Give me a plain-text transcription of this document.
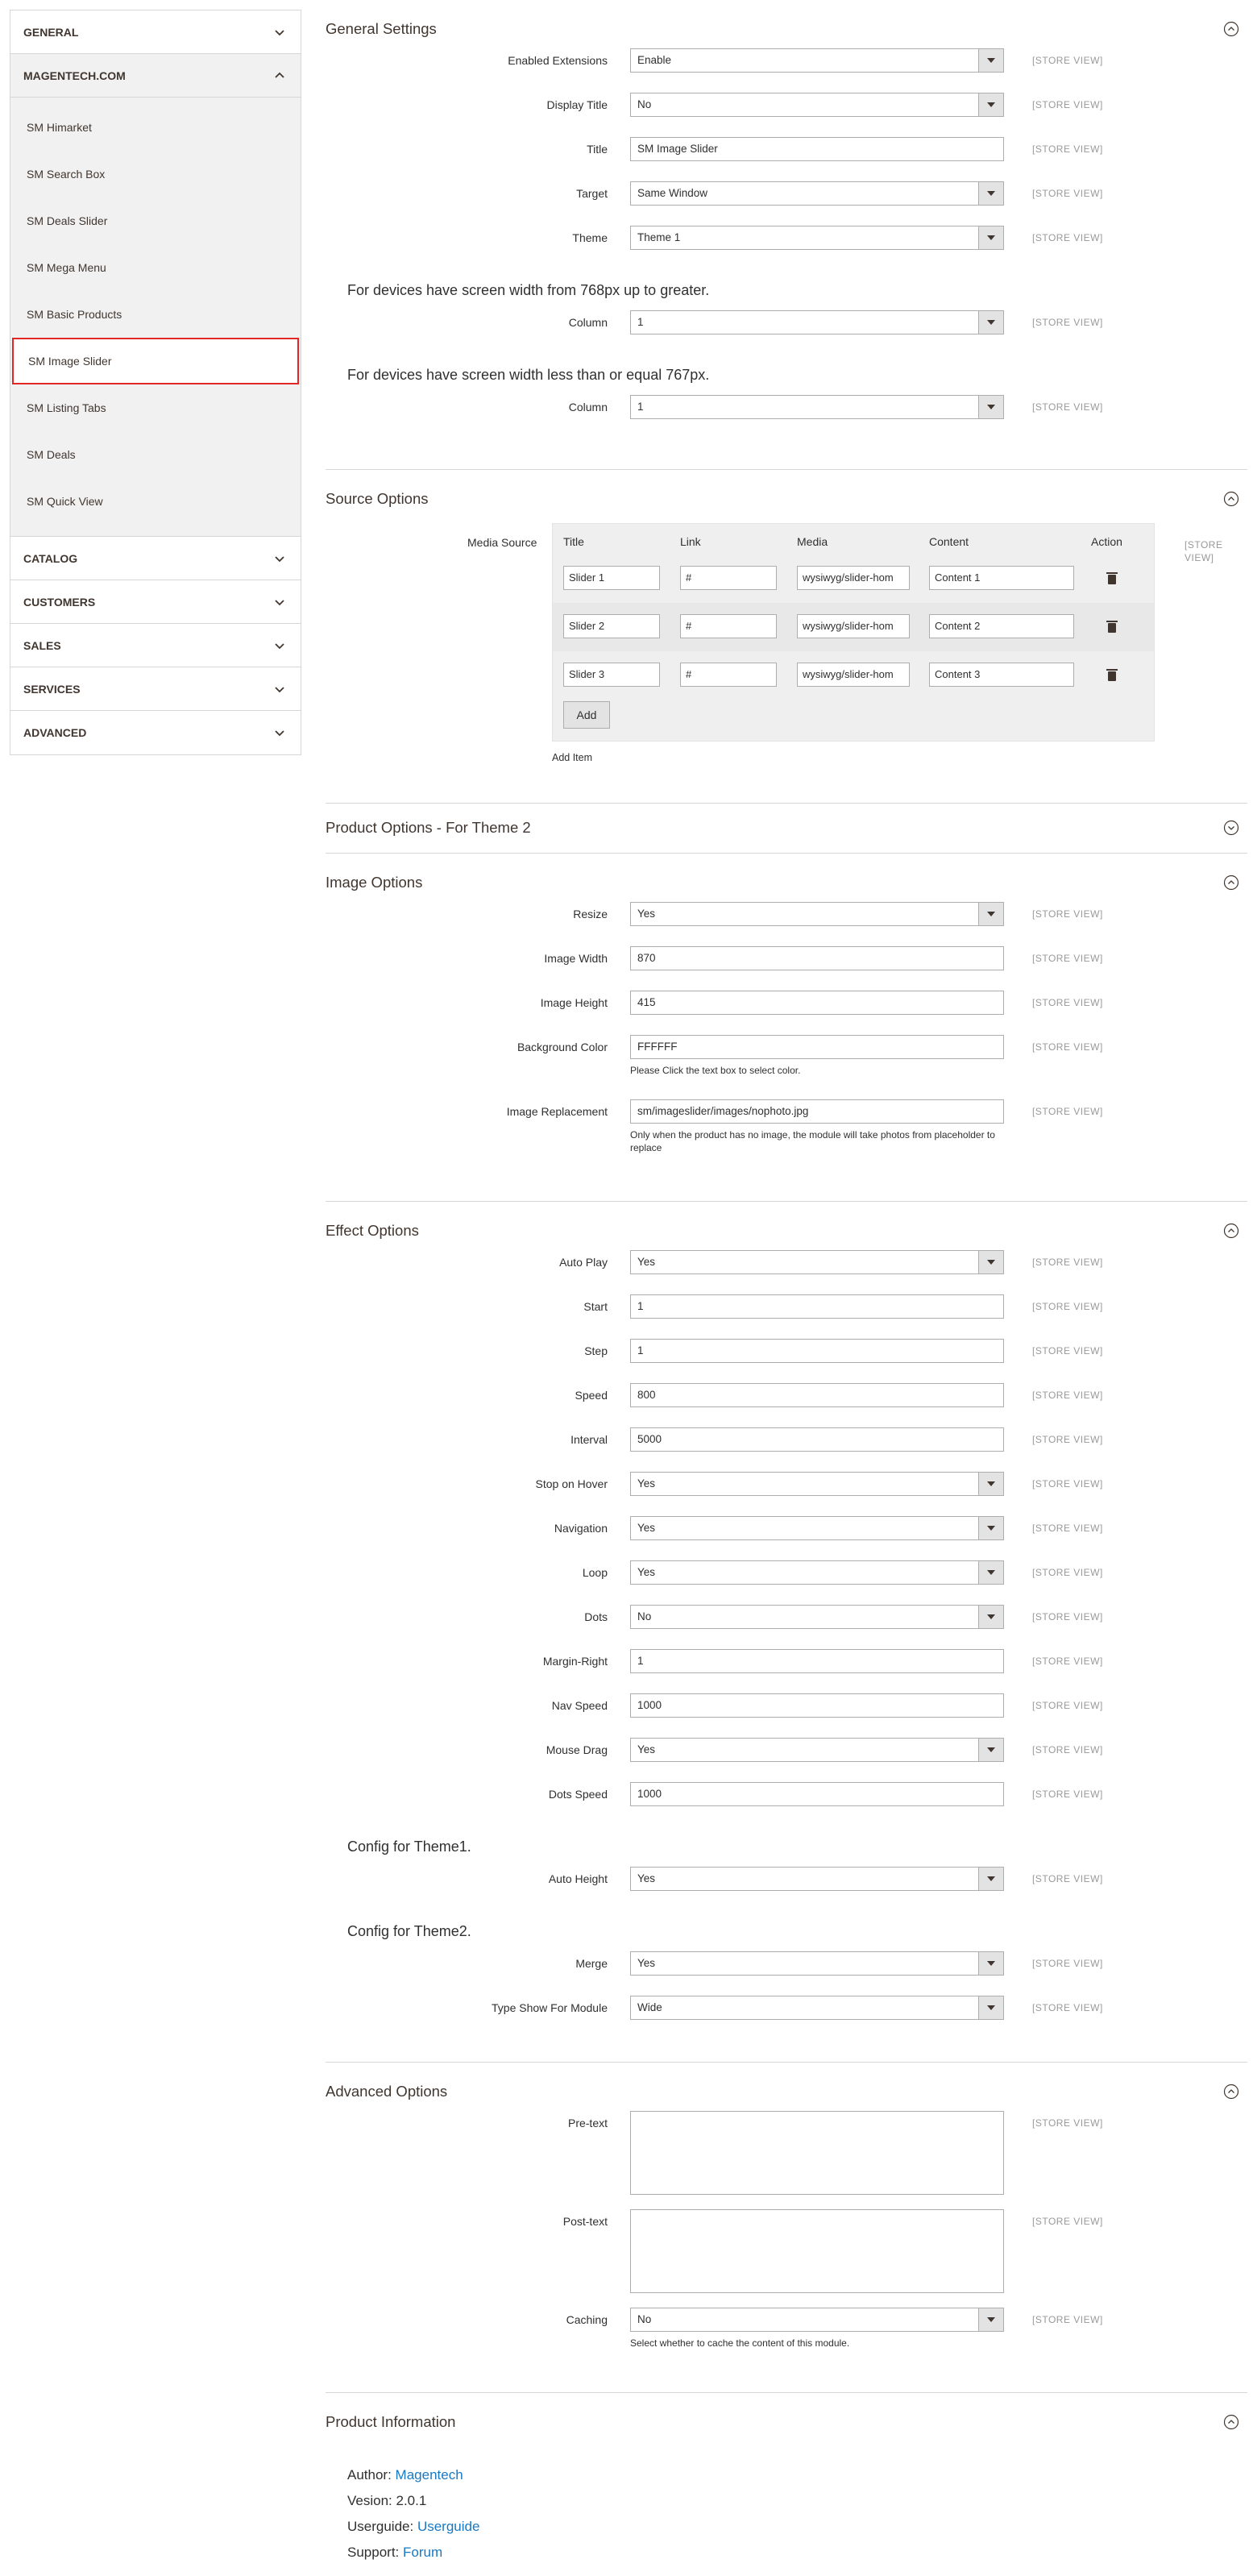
GENERAL
MAGENTECH.COM
SM Himarket
SM Search Box
SM Deals Slider
SM Mega Menu
SM Basic Products
SM Image Slider
SM Listing Tabs
SM Deals
SM Quick View
CATALOG
CUSTOMERS
SALES
SERVICES
ADVANCED
General Settings
Enabled Extensions	Enable	[STORE VIEW]
Display Title	No	[STORE VIEW]
Title	SM Image Slider	[STORE VIEW]
Target	Same Window	[STORE VIEW]
Theme	Theme 1	[STORE VIEW]
For devices have screen width from 768px up to greater.
Column	1	[STORE VIEW]
For devices have screen width less than or equal 767px.
Column	1	[STORE VIEW]
Source Options
Media Source Title	Link	Media	Content	Action
Slider 1	#	wysiwyg/slider-hom	Content 1
Slider 2	#	wysiwyg/slider-hom	Content 2
Slider 3	#	wysiwyg/slider-hom	Content 3
Add
[STORE
VIEW]
Add Item
Product Options - For Theme 2
Image Options
Resize	Yes	[STORE VIEW]
Image Width	870	[STORE VIEW]
Image Height	415	[STORE VIEW]
Background Color	FFFFFF	[STORE VIEW]
Please Click the text box to select color.
Image Replacement	sm/imageslider/images/nophoto.jpg	[STORE VIEW]
Only when the product has no image, the module will take photos from placeholder to replace
Effect Options
Auto Play	Yes	[STORE VIEW]
Start	1	[STORE VIEW]
Step	1	[STORE VIEW]
Speed	800	[STORE VIEW]
Interval	5000	[STORE VIEW]
Stop on Hover	Yes	[STORE VIEW]
Navigation	Yes	[STORE VIEW]
Loop	Yes	[STORE VIEW]
Dots	No	[STORE VIEW]
Margin-Right	1	[STORE VIEW]
Nav Speed	1000	[STORE VIEW]
Mouse Drag	Yes	[STORE VIEW]
Dots Speed	1000	[STORE VIEW]
Config for Theme1.
Auto Height	Yes	[STORE VIEW]
Config for Theme2.
Merge	Yes	[STORE VIEW]
Type Show For Module	Wide	[STORE VIEW]
Advanced Options
Pre-text	[STORE VIEW]
Post-text	[STORE VIEW]
Caching	No	[STORE VIEW]
Select whether to cache the content of this module.
Product Information
Author: Magentech
Vesion: 2.0.1
Userguide: Userguide
Support: Forum
